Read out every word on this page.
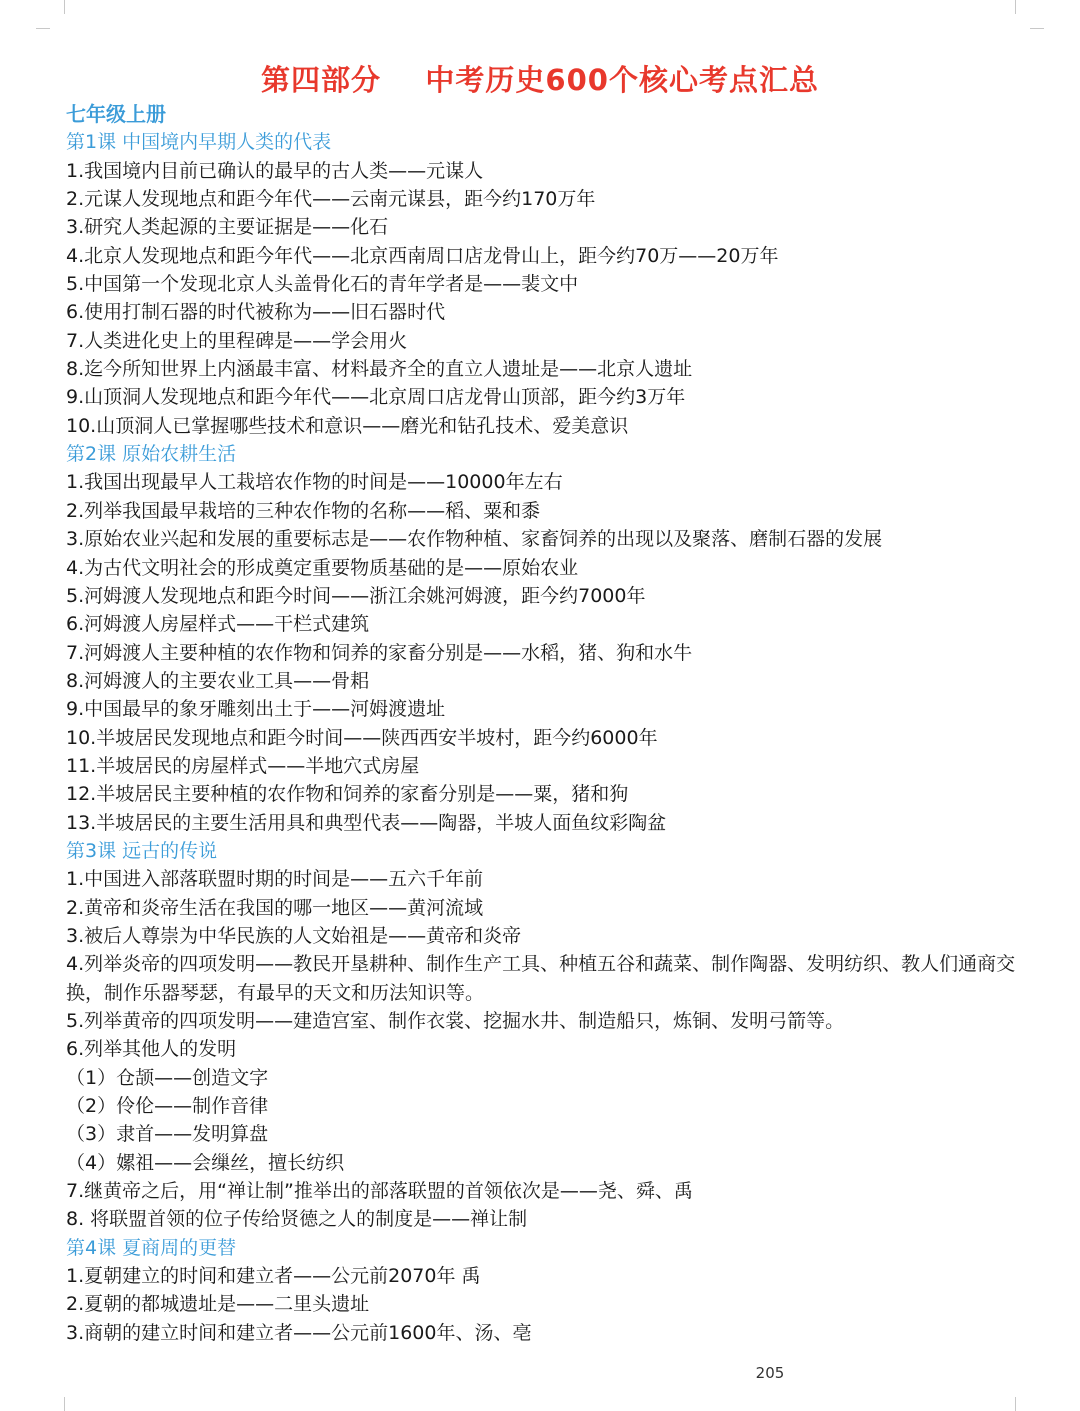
第四部分    中考历史600个核心考点汇总
七年级上册
第1课 中国境内早期人类的代表
1.我国境内目前已确认的最早的古人类——元谋人
2.元谋人发现地点和距今年代——云南元谋县，距今约170万年
3.研究人类起源的主要证据是——化石
4.北京人发现地点和距今年代——北京西南周口店龙骨山上，距今约70万——20万年
5.中国第一个发现北京人头盖骨化石的青年学者是——裴文中
6.使用打制石器的时代被称为——旧石器时代
7.人类进化史上的里程碑是——学会用火
8.迄今所知世界上内涵最丰富、材料最齐全的直立人遗址是——北京人遗址
9.山顶洞人发现地点和距今年代——北京周口店龙骨山顶部，距今约3万年
10.山顶洞人已掌握哪些技术和意识——磨光和钻孔技术、爱美意识
第2课 原始农耕生活
1.我国出现最早人工栽培农作物的时间是——10000年左右
2.列举我国最早栽培的三种农作物的名称——稻、粟和黍
3.原始农业兴起和发展的重要标志是——农作物种植、家畜饲养的出现以及聚落、磨制石器的发展
4.为古代文明社会的形成奠定重要物质基础的是——原始农业
5.河姆渡人发现地点和距今时间——浙江余姚河姆渡，距今约7000年
6.河姆渡人房屋样式——干栏式建筑
7.河姆渡人主要种植的农作物和饲养的家畜分别是——水稻，猪、狗和水牛
8.河姆渡人的主要农业工具——骨耜
9.中国最早的象牙雕刻出土于——河姆渡遗址
10.半坡居民发现地点和距今时间——陕西西安半坡村，距今约6000年
11.半坡居民的房屋样式——半地穴式房屋
12.半坡居民主要种植的农作物和饲养的家畜分别是——粟，猪和狗
13.半坡居民的主要生活用具和典型代表——陶器，半坡人面鱼纹彩陶盆
第3课 远古的传说
1.中国进入部落联盟时期的时间是——五六千年前
2.黄帝和炎帝生活在我国的哪一地区——黄河流域
3.被后人尊崇为中华民族的人文始祖是——黄帝和炎帝
4.列举炎帝的四项发明——教民开垦耕种、制作生产工具、种植五谷和蔬菜、制作陶器、发明纺织、教人们通商交换，制作乐器琴瑟，有最早的天文和历法知识等。
5.列举黄帝的四项发明——建造宫室、制作衣裳、挖掘水井、制造船只，炼铜、发明弓箭等。
6.列举其他人的发明
（1）仓颉——创造文字
（2）伶伦——制作音律
（3）隶首——发明算盘
（4）嫘祖——会缫丝，擅长纺织
7.继黄帝之后，用“禅让制”推举出的部落联盟的首领依次是——尧、舜、禹
8. 将联盟首领的位子传给贤德之人的制度是——禅让制
第4课 夏商周的更替
1.夏朝建立的时间和建立者——公元前2070年 禹
2.夏朝的都城遗址是——二里头遗址
3.商朝的建立时间和建立者——公元前1600年、汤、亳
205
